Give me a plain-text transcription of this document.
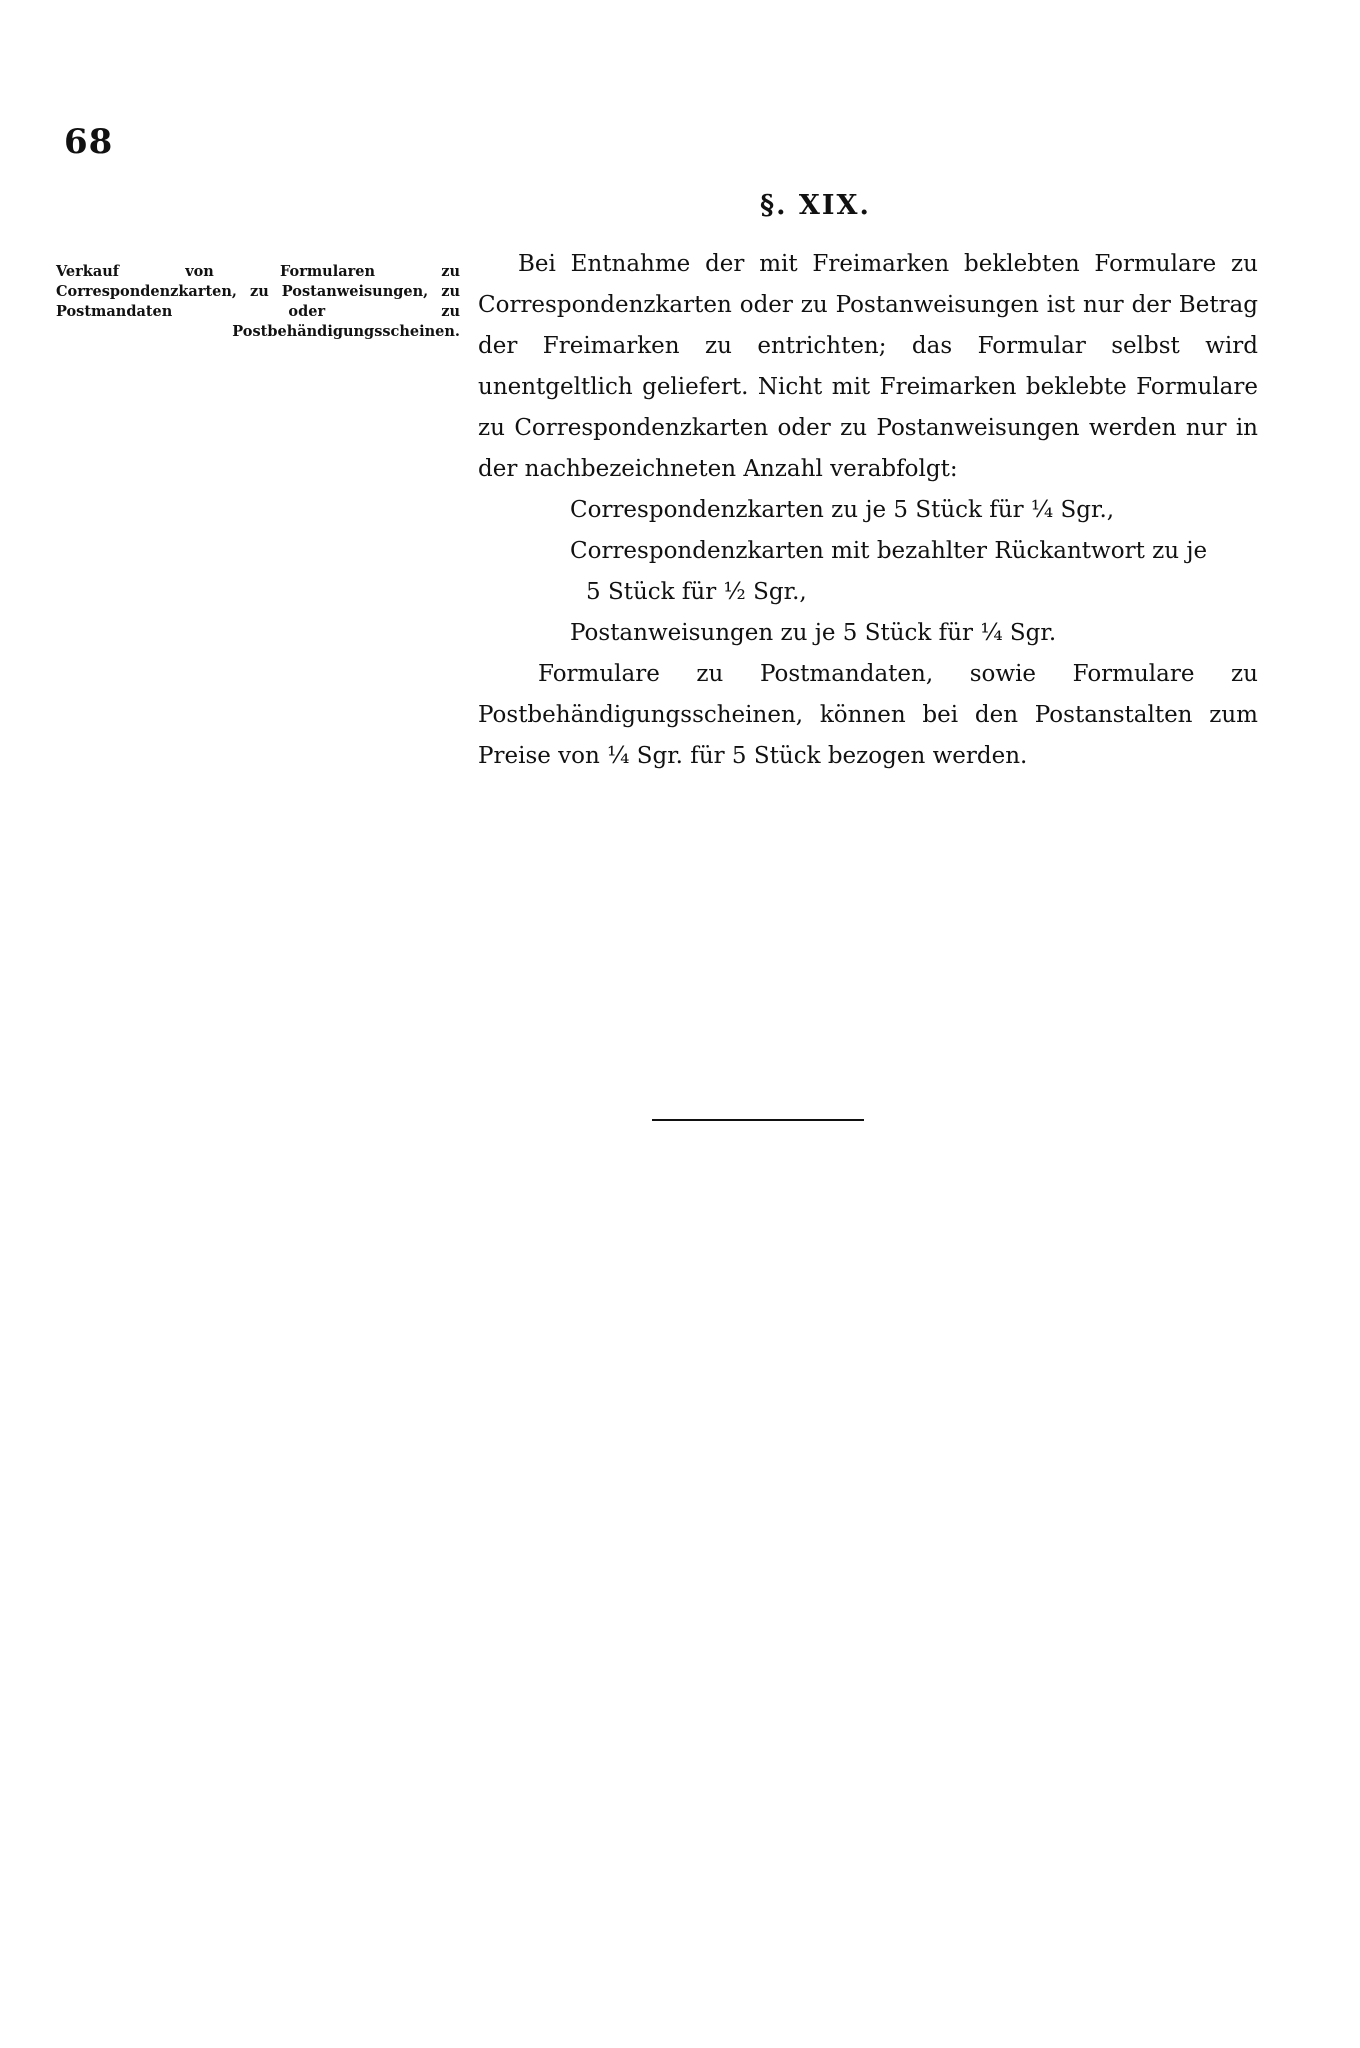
68
§. XIX.
Verkauf von Formularen zu Correspondenzkarten, zu Postanweisungen, zu Postmandaten oder zu Postbehändigungsscheinen.

Bei Entnahme der mit Freimarken beklebten Formulare zu Correspondenzkarten oder zu Postanweisungen ist nur der Betrag der Freimarken zu entrichten; das Formular selbst wird unentgeltlich geliefert. Nicht mit Freimarken beklebte Formulare zu Correspondenzkarten oder zu Postanweisungen werden nur in der nachbezeichneten Anzahl verabfolgt:

Correspondenzkarten zu je 5 Stück für ¼ Sgr.,
Correspondenzkarten mit bezahlter Rückantwort zu je
5 Stück für ½ Sgr.,
Postanweisungen zu je 5 Stück für ¼ Sgr.

Formulare zu Postmandaten, sowie Formulare zu Postbehändigungsscheinen, können bei den Postanstalten zum Preise von ¼ Sgr. für 5 Stück bezogen werden.
